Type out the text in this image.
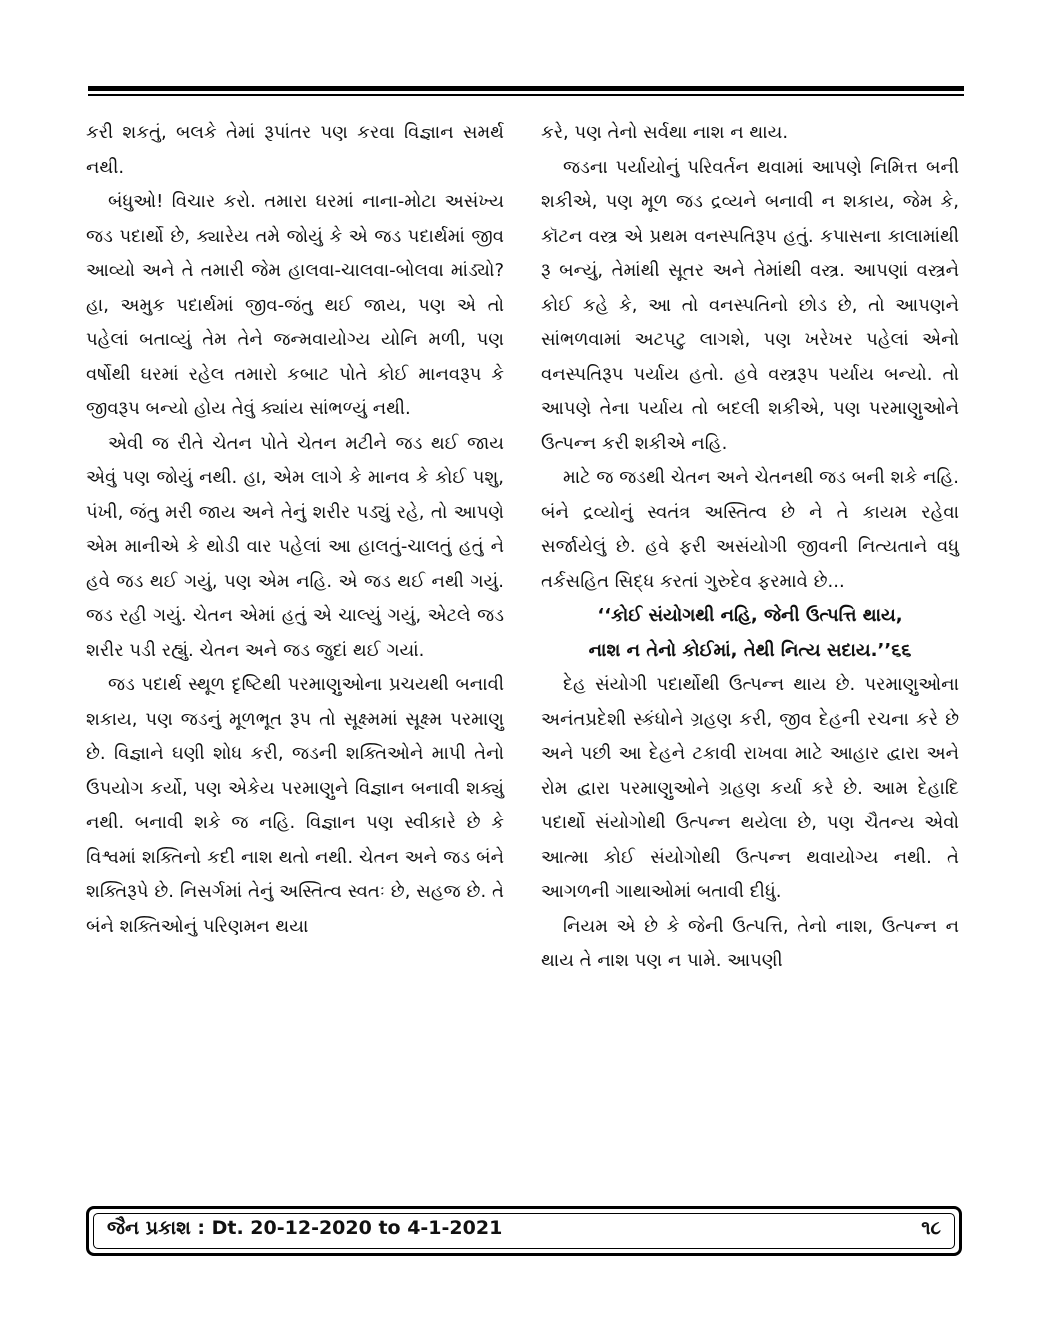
કરી શકતું, બલકે તેમાં રૂપાંતર પણ કરવા વિજ્ઞાન સમર્થ નથી.

બંધુઓ! વિચાર કરો. તમારા ઘરમાં નાના-મોટા અસંખ્ય જડ પદાર્થો છે, ક્યારેય તમે જોયું કે એ જડ પદાર્થમાં જીવ આવ્યો અને તે તમારી જેમ હાલવા-ચાલવા-બોલવા માંડ્યો? હા, અમુક પદાર્થમાં જીવ-જંતુ થઈ જાય, પણ એ તો પહેલાં બતાવ્યું તેમ તેને જન્મવાયોગ્ય યોનિ મળી, પણ વર્ષોથી ઘરમાં રહેલ તમારો કબાટ પોતે કોઈ માનવરૂપ કે જીવરૂપ બન્યો હોય તેવું ક્યાંય સાંભળ્યું નથી.

એવી જ રીતે ચેતન પોતે ચેતન મટીને જડ થઈ જાય એવું પણ જોયું નથી. હા, એમ લાગે કે માનવ કે કોઈ પશુ, પંખી, જંતુ મરી જાય અને તેનું શરીર પડ્યું રહે, તો આપણે એમ માનીએ કે થોડી વાર પહેલાં આ હાલતું-ચાલતું હતું ને હવે જડ થઈ ગયું, પણ એમ નહિ. એ જડ થઈ નથી ગયું. જડ રહી ગયું. ચેતન એમાં હતું એ ચાલ્યું ગયું, એટલે જડ શરીર પડી રહ્યું. ચેતન અને જડ જુદાં થઈ ગયાં.

જડ પદાર્થ સ્થૂળ દૃષ્ટિથી પરમાણુઓના પ્રચયથી બનાવી શકાય, પણ જડનું મૂળભૂત રૂપ તો સૂક્ષ્મમાં સૂક્ષ્મ પરમાણુ છે. વિજ્ઞાને ઘણી શોધ કરી, જડની શક્તિઓને માપી તેનો ઉપયોગ કર્યો, પણ એકેય પરમાણુને વિજ્ઞાન બનાવી શક્યું નથી. બનાવી શકે જ નહિ. વિજ્ઞાન પણ સ્વીકારે છે કે વિશ્વમાં શક્તિનો કદી નાશ થતો નથી. ચેતન અને જડ બંને શક્તિરૂપે છે. નિસર્ગમાં તેનું અસ્તિત્વ સ્વતઃ છે, સહજ છે. તે બંને શક્તિઓનું પરિણમન થયા

કરે, પણ તેનો સર્વથા નાશ ન થાય.

જડના પર્યાયોનું પરિવર્તન થવામાં આપણે નિમિત્ત બની શકીએ, પણ મૂળ જડ દ્રવ્યને બનાવી ન શકાય, જેમ કે, કૉટન વસ્ત્ર એ પ્રથમ વનસ્પતિરૂપ હતું. કપાસના કાલામાંથી રૂ બન્યું, તેમાંથી સૂતર અને તેમાંથી વસ્ત્ર. આપણાં વસ્ત્રને કોઈ કહે કે, આ તો વનસ્પતિનો છોડ છે, તો આપણને સાંભળવામાં અટપટુ લાગશે, પણ ખરેખર પહેલાં એનો વનસ્પતિરૂપ પર્યાય હતો. હવે વસ્ત્રરૂપ પર્યાય બન્યો. તો આપણે તેના પર્યાય તો બદલી શકીએ, પણ પરમાણુઓને ઉત્પન્ન કરી શકીએ નહિ.

માટે જ જડથી ચેતન અને ચેતનથી જડ બની શકે નહિ. બંને દ્રવ્યોનું સ્વતંત્ર અસ્તિત્વ છે ને તે કાયમ રહેવા સર્જાયેલું છે. હવે ફરી અસંયોગી જીવની નિત્યતાને વધુ તર્કસહિત સિદ્ધ કરતાં ગુરુદેવ ફરમાવે છે...

‘‘કોઈ સંયોગથી નહિ, જેની ઉત્પત્તિ થાય,

નાશ ન તેનો કોઈમાં, તેથી નિત્ય સદાય.’’૬૬

દેહ સંયોગી પદાર્થોથી ઉત્પન્ન થાય છે. પરમાણુઓના અનંતપ્રદેશી સ્કંધોને ગ્રહણ કરી, જીવ દેહની રચના કરે છે અને પછી આ દેહને ટકાવી રાખવા માટે આહાર દ્વારા અને રોમ દ્વારા પરમાણુઓને ગ્રહણ કર્યા કરે છે. આમ દેહાદિ પદાર્થો સંયોગોથી ઉત્પન્ન થયેલા છે, પણ ચૈતન્ય એવો આત્મા કોઈ સંયોગોથી ઉત્પન્ન થવાયોગ્ય નથી. તે આગળની ગાથાઓમાં બતાવી દીધું.

નિયમ એ છે કે જેની ઉત્પત્તિ, તેનો નાશ, ઉત્પન્ન ન થાય તે નાશ પણ ન પામે. આપણી

જૈન પ્રકાશ : Dt. 20-12-2020 to 4-1-2021	૧૮
